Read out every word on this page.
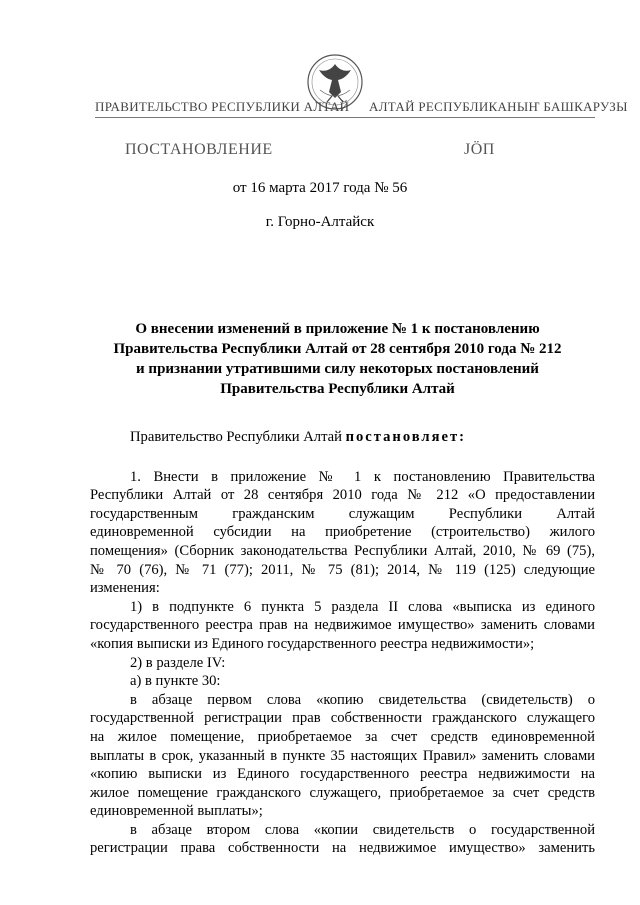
ПРАВИТЕЛЬСТВО РЕСПУБЛИКИ АЛТАЙ АЛТАЙ РЕСПУБЛИКАНЫҤ БАШКАРУЗЫ
ПОСТАНОВЛЕНИЕ	JÖП
от 16 марта 2017 года № 56
г. Горно-Алтайск
О внесении изменений в приложение № 1 к постановлению
Правительства Республики Алтай от 28 сентября 2010 года № 212
и признании утратившими силу некоторых постановлений
Правительства Республики Алтай
Правительство Республики Алтай постановляет:
1. Внести в приложение № 1 к постановлению Правительства
Республики Алтай от 28 сентября 2010 года № 212 «О предоставлении
государственным гражданским служащим Республики Алтай
единовременной субсидии на приобретение (строительство) жилого
помещения» (Сборник законодательства Республики Алтай, 2010, № 69 (75),
№ 70 (76), № 71 (77); 2011, № 75 (81); 2014, № 119 (125) следующие
изменения:
1) в подпункте 6 пункта 5 раздела II слова «выписка из единого
государственного реестра прав на недвижимое имущество» заменить словами
«копия выписки из Единого государственного реестра недвижимости»;
2) в разделе IV:
а) в пункте 30:
в абзаце первом слова «копию свидетельства (свидетельств) о
государственной регистрации прав собственности гражданского служащего
на жилое помещение, приобретаемое за счет средств единовременной
выплаты в срок, указанный в пункте 35 настоящих Правил» заменить словами
«копию выписки из Единого государственного реестра недвижимости на
жилое помещение гражданского служащего, приобретаемое за счет средств
единовременной выплаты»;
в абзаце втором слова «копии свидетельств о государственной
регистрации права собственности на недвижимое имущество» заменить
